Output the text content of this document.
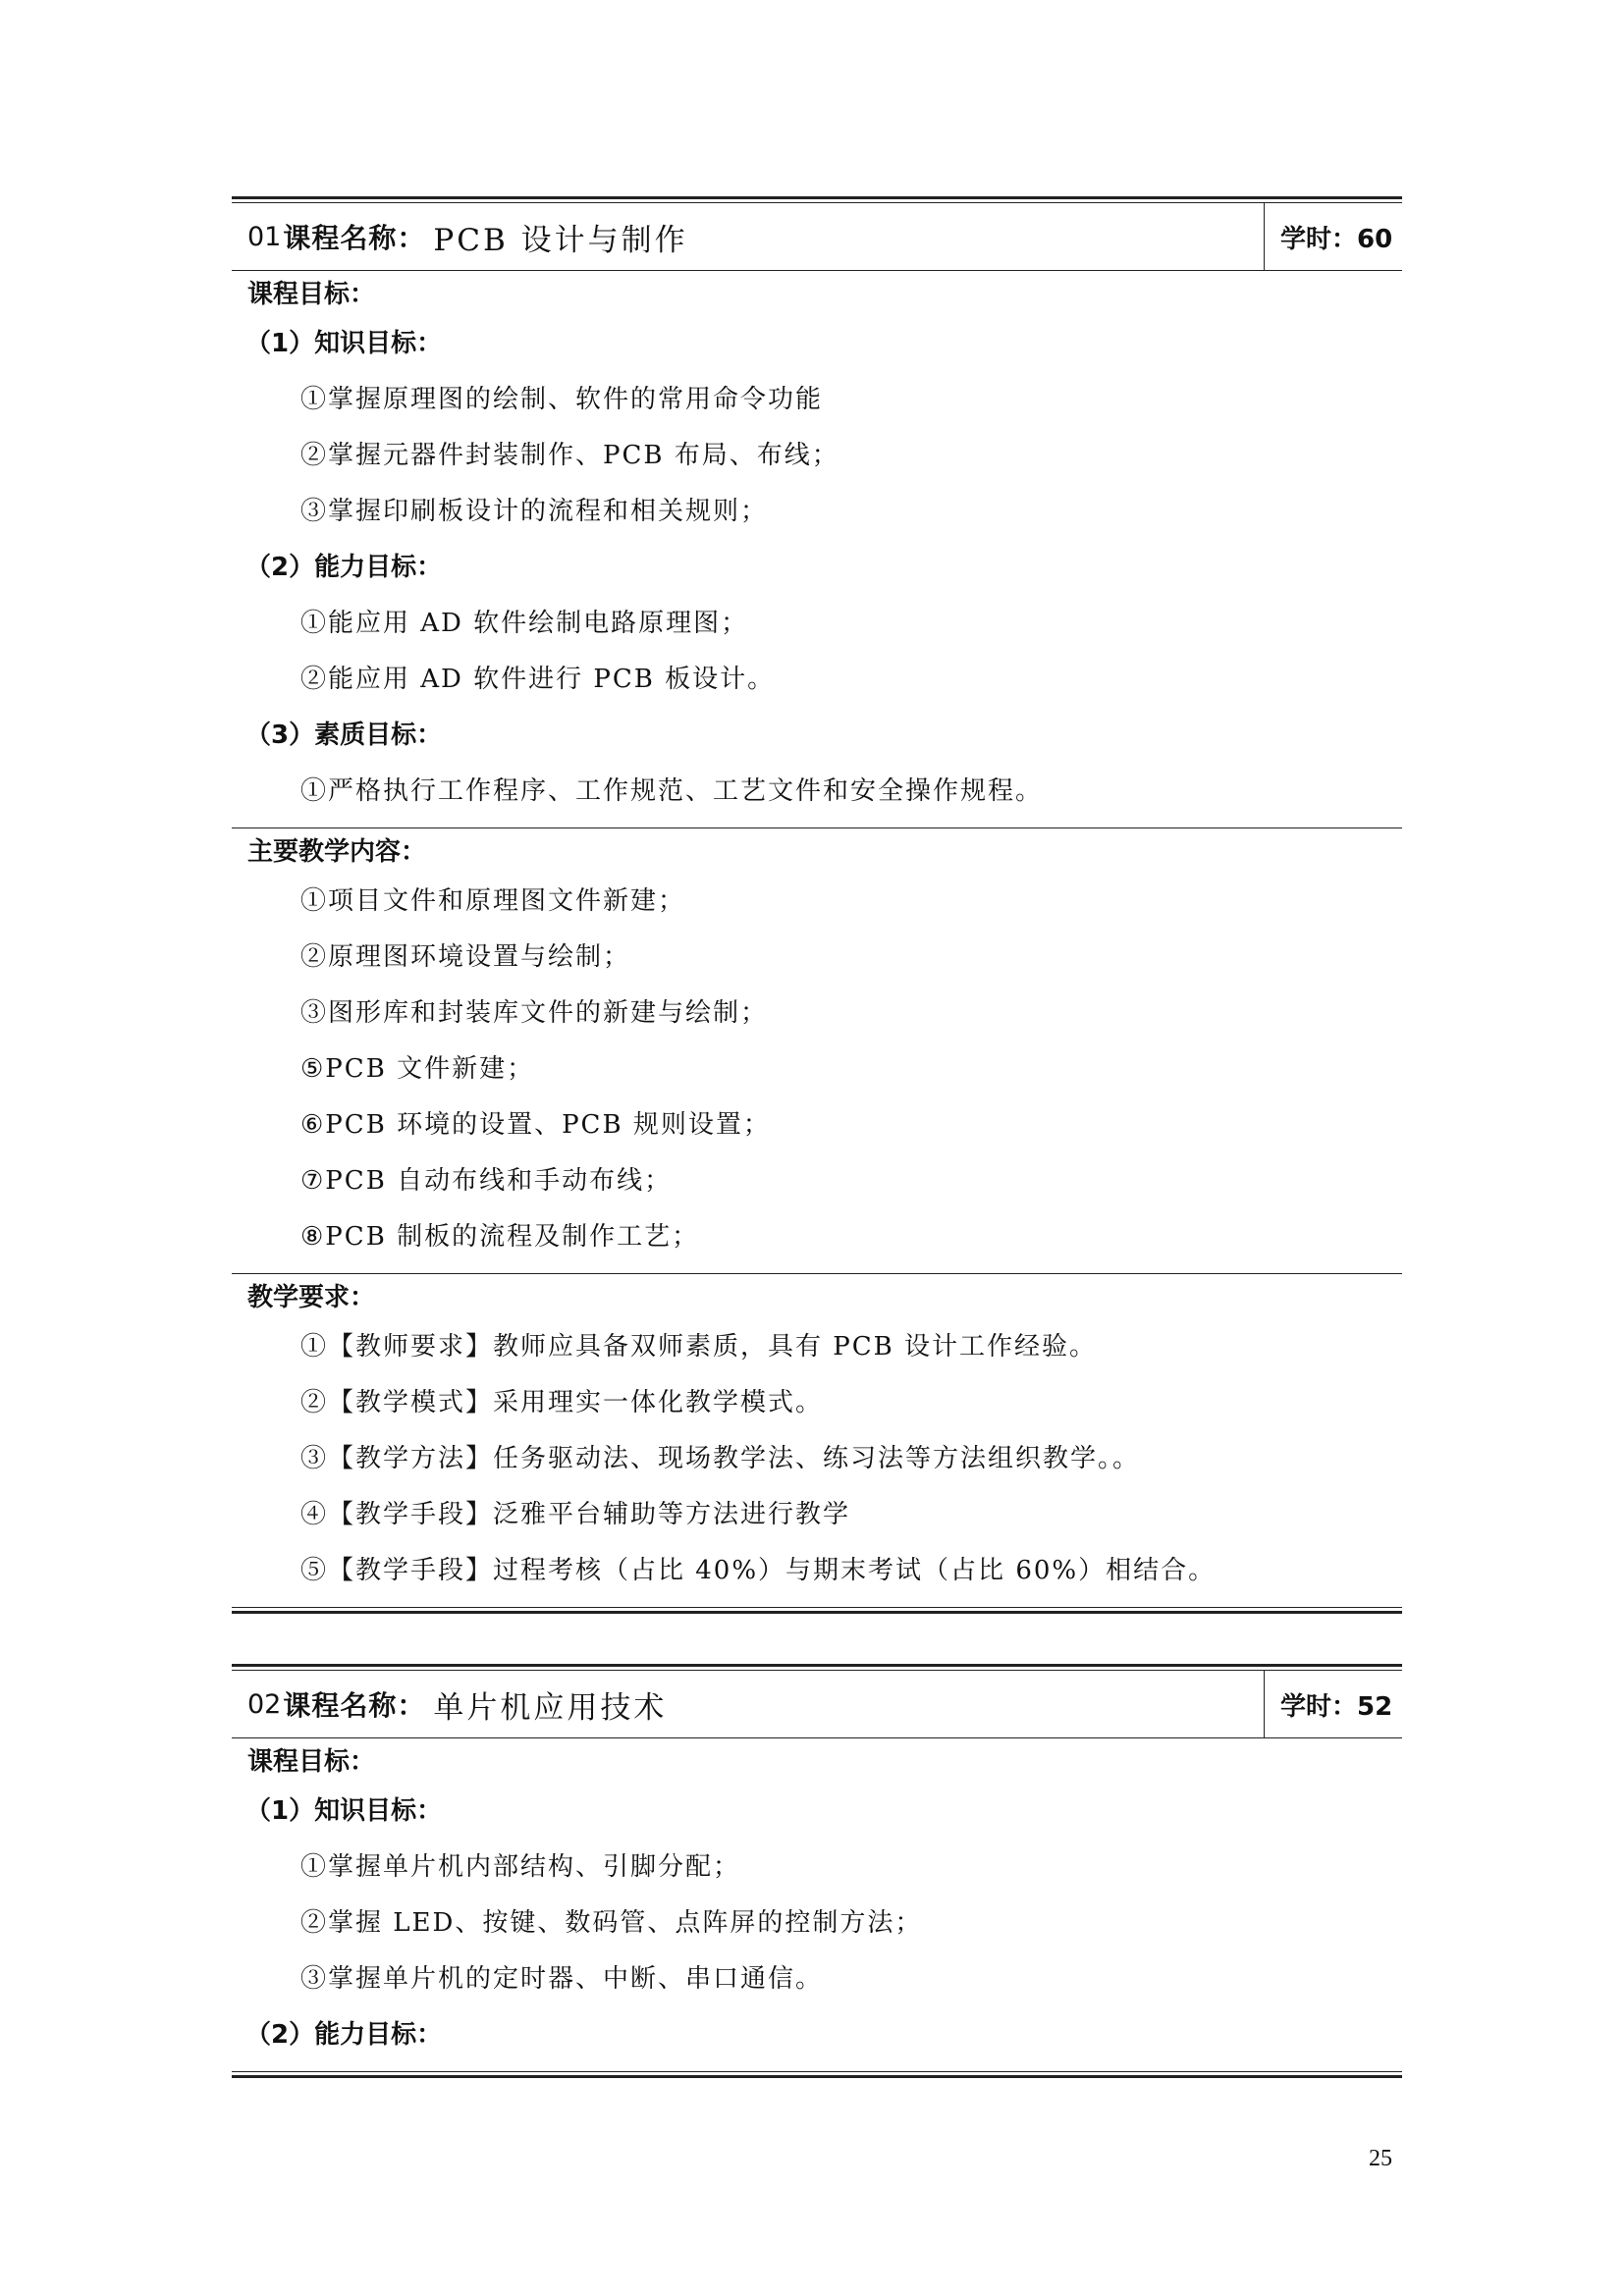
01 课程名称： PCB 设计与制作	学时：60
课程目标：
（1）知识目标：
①掌握原理图的绘制、软件的常用命令功能
②掌握元器件封装制作、PCB 布局、布线；
③掌握印刷板设计的流程和相关规则；
（2）能力目标：
①能应用 AD 软件绘制电路原理图；
②能应用 AD 软件进行 PCB 板设计。
（3）素质目标：
①严格执行工作程序、工作规范、工艺文件和安全操作规程。
主要教学内容：
①项目文件和原理图文件新建；
②原理图环境设置与绘制；
③图形库和封装库文件的新建与绘制；
⑤PCB 文件新建；
⑥PCB 环境的设置、PCB 规则设置；
⑦PCB 自动布线和手动布线；
⑧PCB 制板的流程及制作工艺；
教学要求：
①【教师要求】教师应具备双师素质，具有 PCB 设计工作经验。
②【教学模式】采用理实一体化教学模式。
③【教学方法】任务驱动法、现场教学法、练习法等方法组织教学。。
④【教学手段】泛雅平台辅助等方法进行教学
⑤【教学手段】过程考核（占比 40%）与期末考试（占比 60%）相结合。
02 课程名称： 单片机应用技术	学时：52
课程目标：
（1）知识目标：
①掌握单片机内部结构、引脚分配；
②掌握 LED、按键、数码管、点阵屏的控制方法；
③掌握单片机的定时器、中断、串口通信。
（2）能力目标：
25
